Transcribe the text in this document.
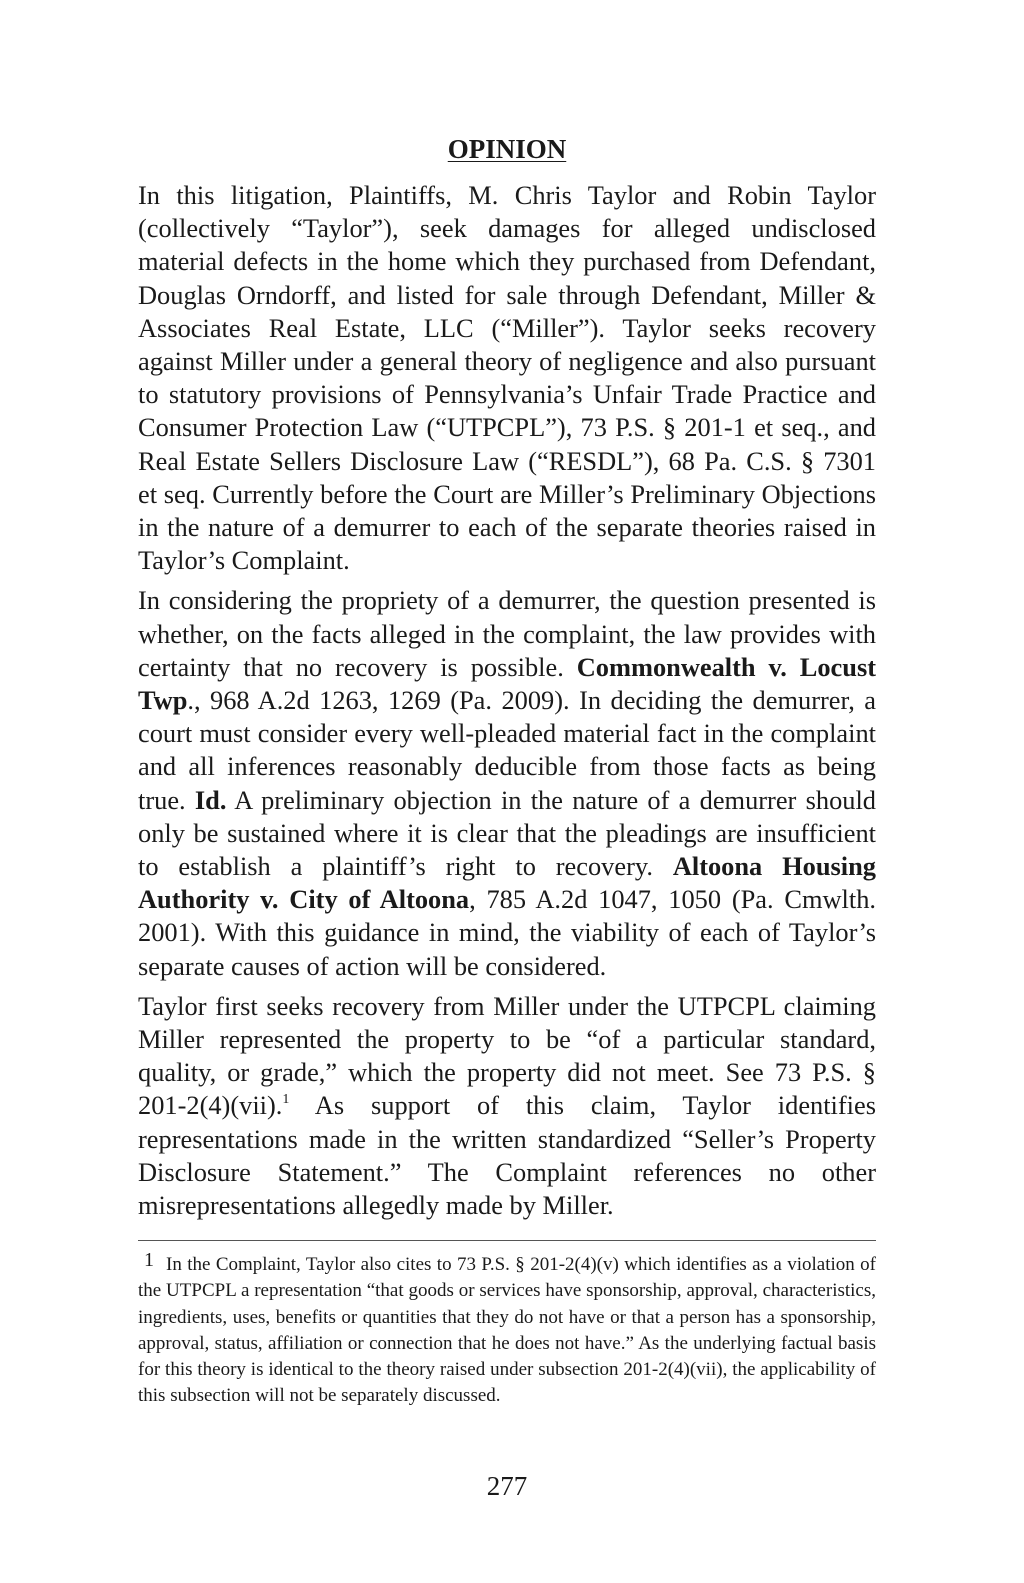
OPINION

In this litigation, Plaintiffs, M. Chris Taylor and Robin Taylor (collectively “Taylor”), seek damages for alleged undisclosed material defects in the home which they purchased from Defendant, Douglas Orndorff, and listed for sale through Defendant, Miller & Associates Real Estate, LLC (“Miller”). Taylor seeks recovery against Miller under a general theory of negligence and also pursuant to statutory provisions of Pennsylvania’s Unfair Trade Practice and Consumer Protection Law (“UTPCPL”), 73 P.S. § 201-1 et seq., and Real Estate Sellers Disclosure Law (“RESDL”), 68 Pa. C.S. § 7301 et seq. Currently before the Court are Miller’s Preliminary Objections in the nature of a demurrer to each of the separate theories raised in Taylor’s Complaint.

In considering the propriety of a demurrer, the question presented is whether, on the facts alleged in the complaint, the law provides with certainty that no recovery is possible. Commonwealth v. Locust Twp., 968 A.2d 1263, 1269 (Pa. 2009). In deciding the demurrer, a court must consider every well-pleaded material fact in the complaint and all inferences reasonably deducible from those facts as being true. Id. A preliminary objection in the nature of a demurrer should only be sustained where it is clear that the pleadings are insufficient to establish a plaintiff’s right to recovery. Altoona Housing Authority v. City of Altoona, 785 A.2d 1047, 1050 (Pa. Cmwlth. 2001). With this guidance in mind, the viability of each of Taylor’s separate causes of action will be considered.

Taylor first seeks recovery from Miller under the UTPCPL claiming Miller represented the property to be “of a particular standard, quality, or grade,” which the property did not meet. See 73 P.S. § 201-2(4)(vii).$^1$ As support of this claim, Taylor identifies representations made in the written standardized “Seller’s Property Disclosure Statement.” The Complaint references no other misrepresentations allegedly made by Miller.

1 In the Complaint, Taylor also cites to 73 P.S. § 201-2(4)(v) which identifies as a violation of the UTPCPL a representation “that goods or services have sponsorship, approval, characteristics, ingredients, uses, benefits or quantities that they do not have or that a person has a sponsorship, approval, status, affiliation or connection that he does not have.” As the underlying factual basis for this theory is identical to the theory raised under subsection 201-2(4)(vii), the applicability of this subsection will not be separately discussed.

277
